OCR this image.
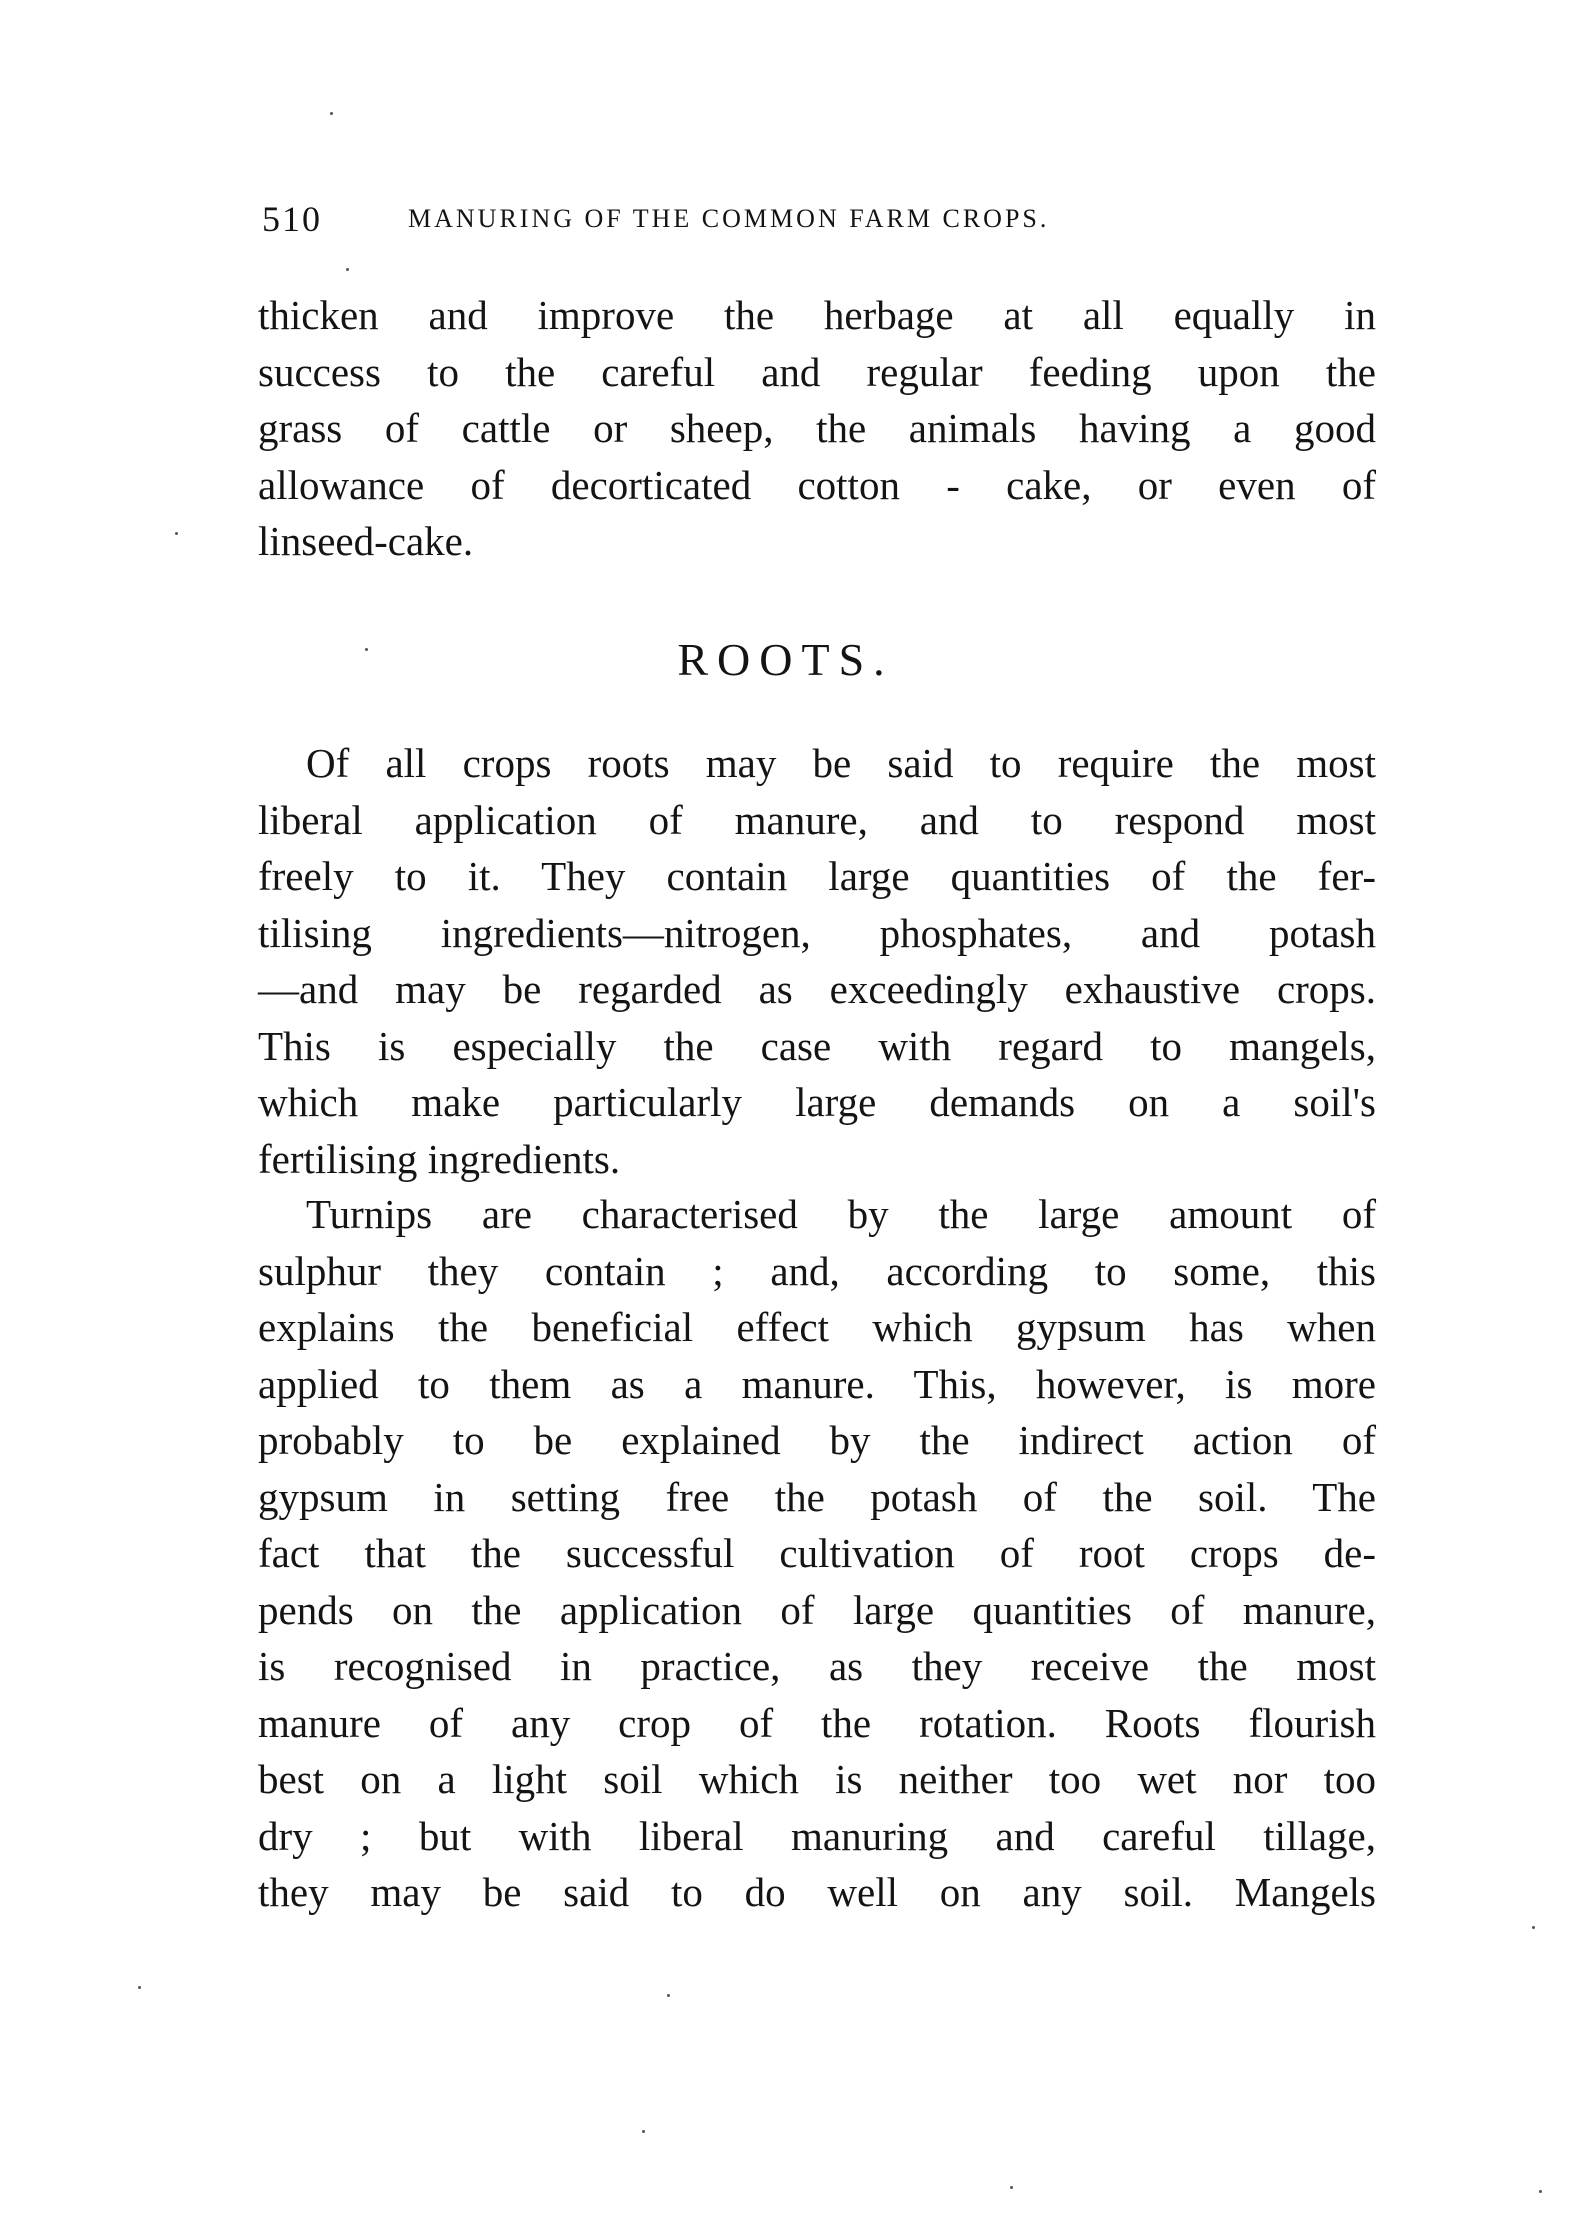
510	MANURING OF THE COMMON FARM CROPS.
thicken and improve the herbage at all equally in
success to the careful and regular feeding upon the
grass of cattle or sheep, the animals having a good
allowance of decorticated cotton - cake, or even of
linseed-cake.
ROOTS.
Of all crops roots may be said to require the most
liberal application of manure, and to respond most
freely to it. They contain large quantities of the fer-
tilising ingredients—nitrogen, phosphates, and potash
—and may be regarded as exceedingly exhaustive crops.
This is especially the case with regard to mangels,
which make particularly large demands on a soil's
fertilising ingredients.
Turnips are characterised by the large amount of
sulphur they contain ; and, according to some, this
explains the beneficial effect which gypsum has when
applied to them as a manure. This, however, is more
probably to be explained by the indirect action of
gypsum in setting free the potash of the soil. The
fact that the successful cultivation of root crops de-
pends on the application of large quantities of manure,
is recognised in practice, as they receive the most
manure of any crop of the rotation. Roots flourish
best on a light soil which is neither too wet nor too
dry ; but with liberal manuring and careful tillage,
they may be said to do well on any soil. Mangels
